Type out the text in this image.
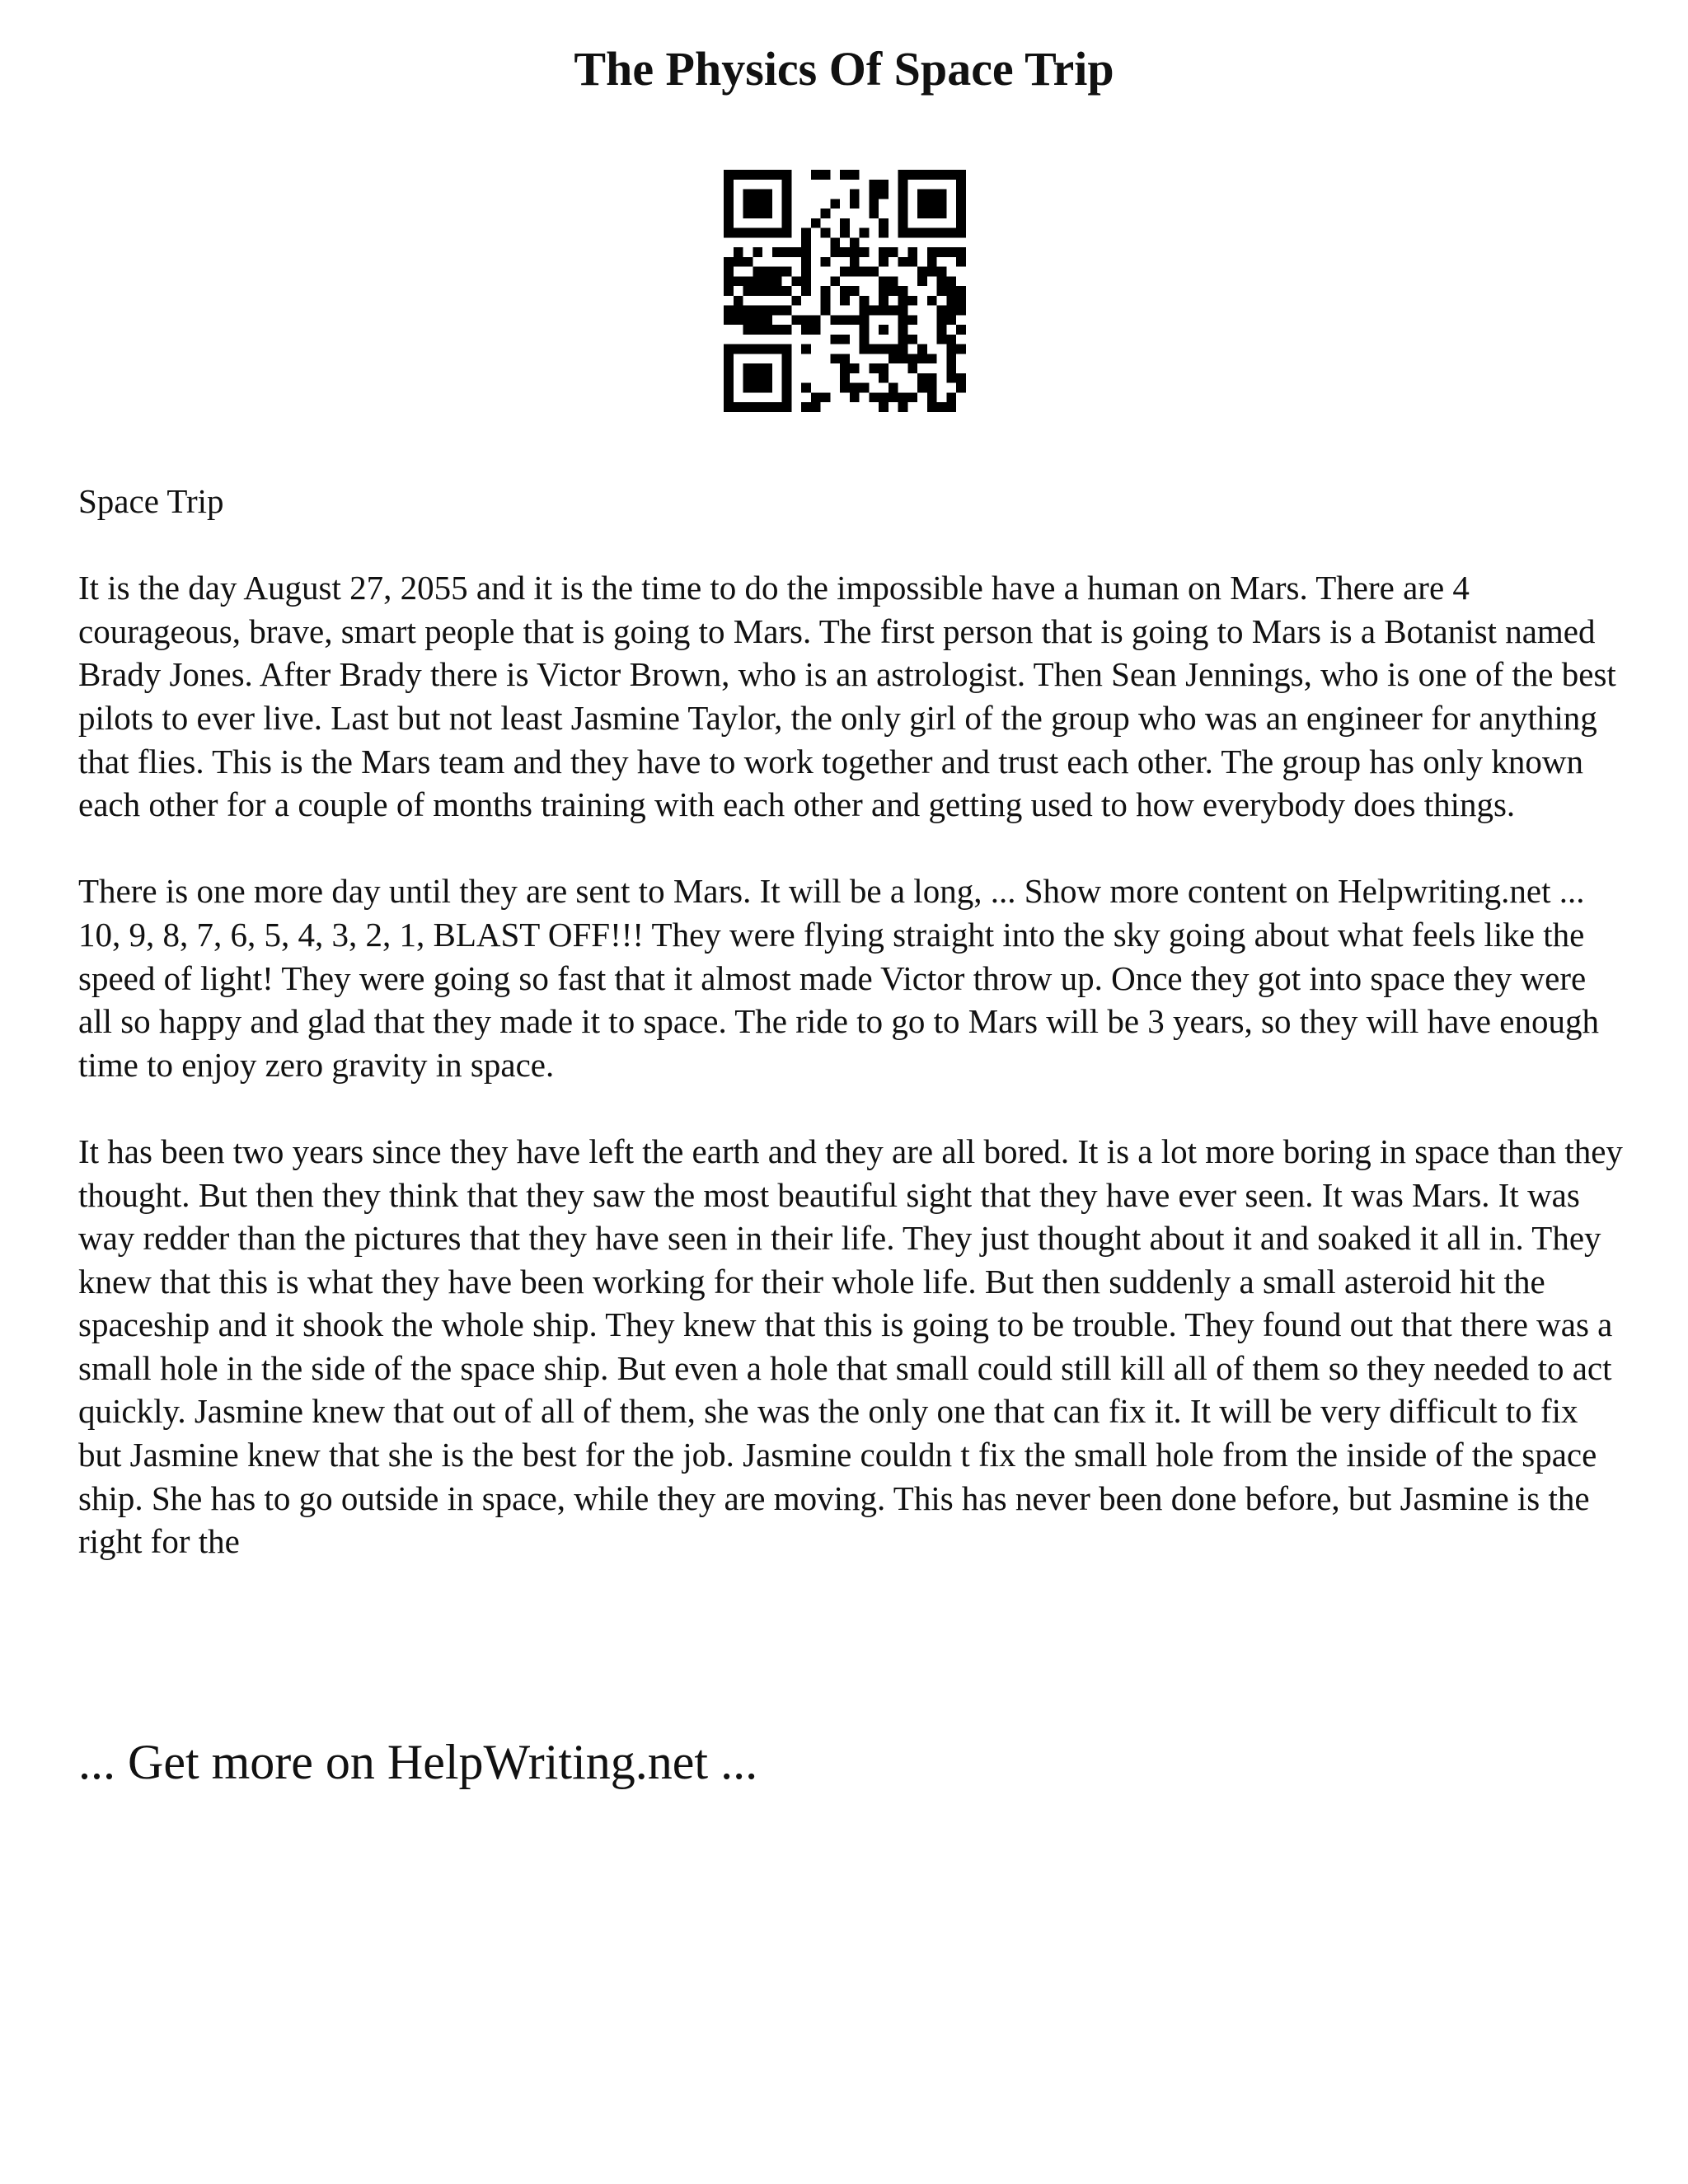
The Physics Of Space Trip

Space Trip

It is the day August 27, 2055 and it is the time to do the impossible have a human on Mars. There are 4 courageous, brave, smart people that is going to Mars. The first person that is going to Mars is a Botanist named Brady Jones. After Brady there is Victor Brown, who is an astrologist. Then Sean Jennings, who is one of the best pilots to ever live. Last but not least Jasmine Taylor, the only girl of the group who was an engineer for anything that flies. This is the Mars team and they have to work together and trust each other. The group has only known each other for a couple of months training with each other and getting used to how everybody does things.

There is one more day until they are sent to Mars. It will be a long, ... Show more content on Helpwriting.net ...

10, 9, 8, 7, 6, 5, 4, 3, 2, 1, BLAST OFF!!! They were flying straight into the sky going about what feels like the speed of light! They were going so fast that it almost made Victor throw up. Once they got into space they were all so happy and glad that they made it to space. The ride to go to Mars will be 3 years, so they will have enough time to enjoy zero gravity in space.

It has been two years since they have left the earth and they are all bored. It is a lot more boring in space than they thought. But then they think that they saw the most beautiful sight that they have ever seen. It was Mars. It was way redder than the pictures that they have seen in their life. They just thought about it and soaked it all in. They knew that this is what they have been working for their whole life. But then suddenly a small asteroid hit the spaceship and it shook the whole ship. They knew that this is going to be trouble. They found out that there was a small hole in the side of the space ship. But even a hole that small could still kill all of them so they needed to act quickly. Jasmine knew that out of all of them, she was the only one that can fix it. It will be very difficult to fix but Jasmine knew that she is the best for the job. Jasmine couldn t fix the small hole from the inside of the space ship. She has to go outside in space, while they are moving. This has never been done before, but Jasmine is the right for the

... Get more on HelpWriting.net ...
